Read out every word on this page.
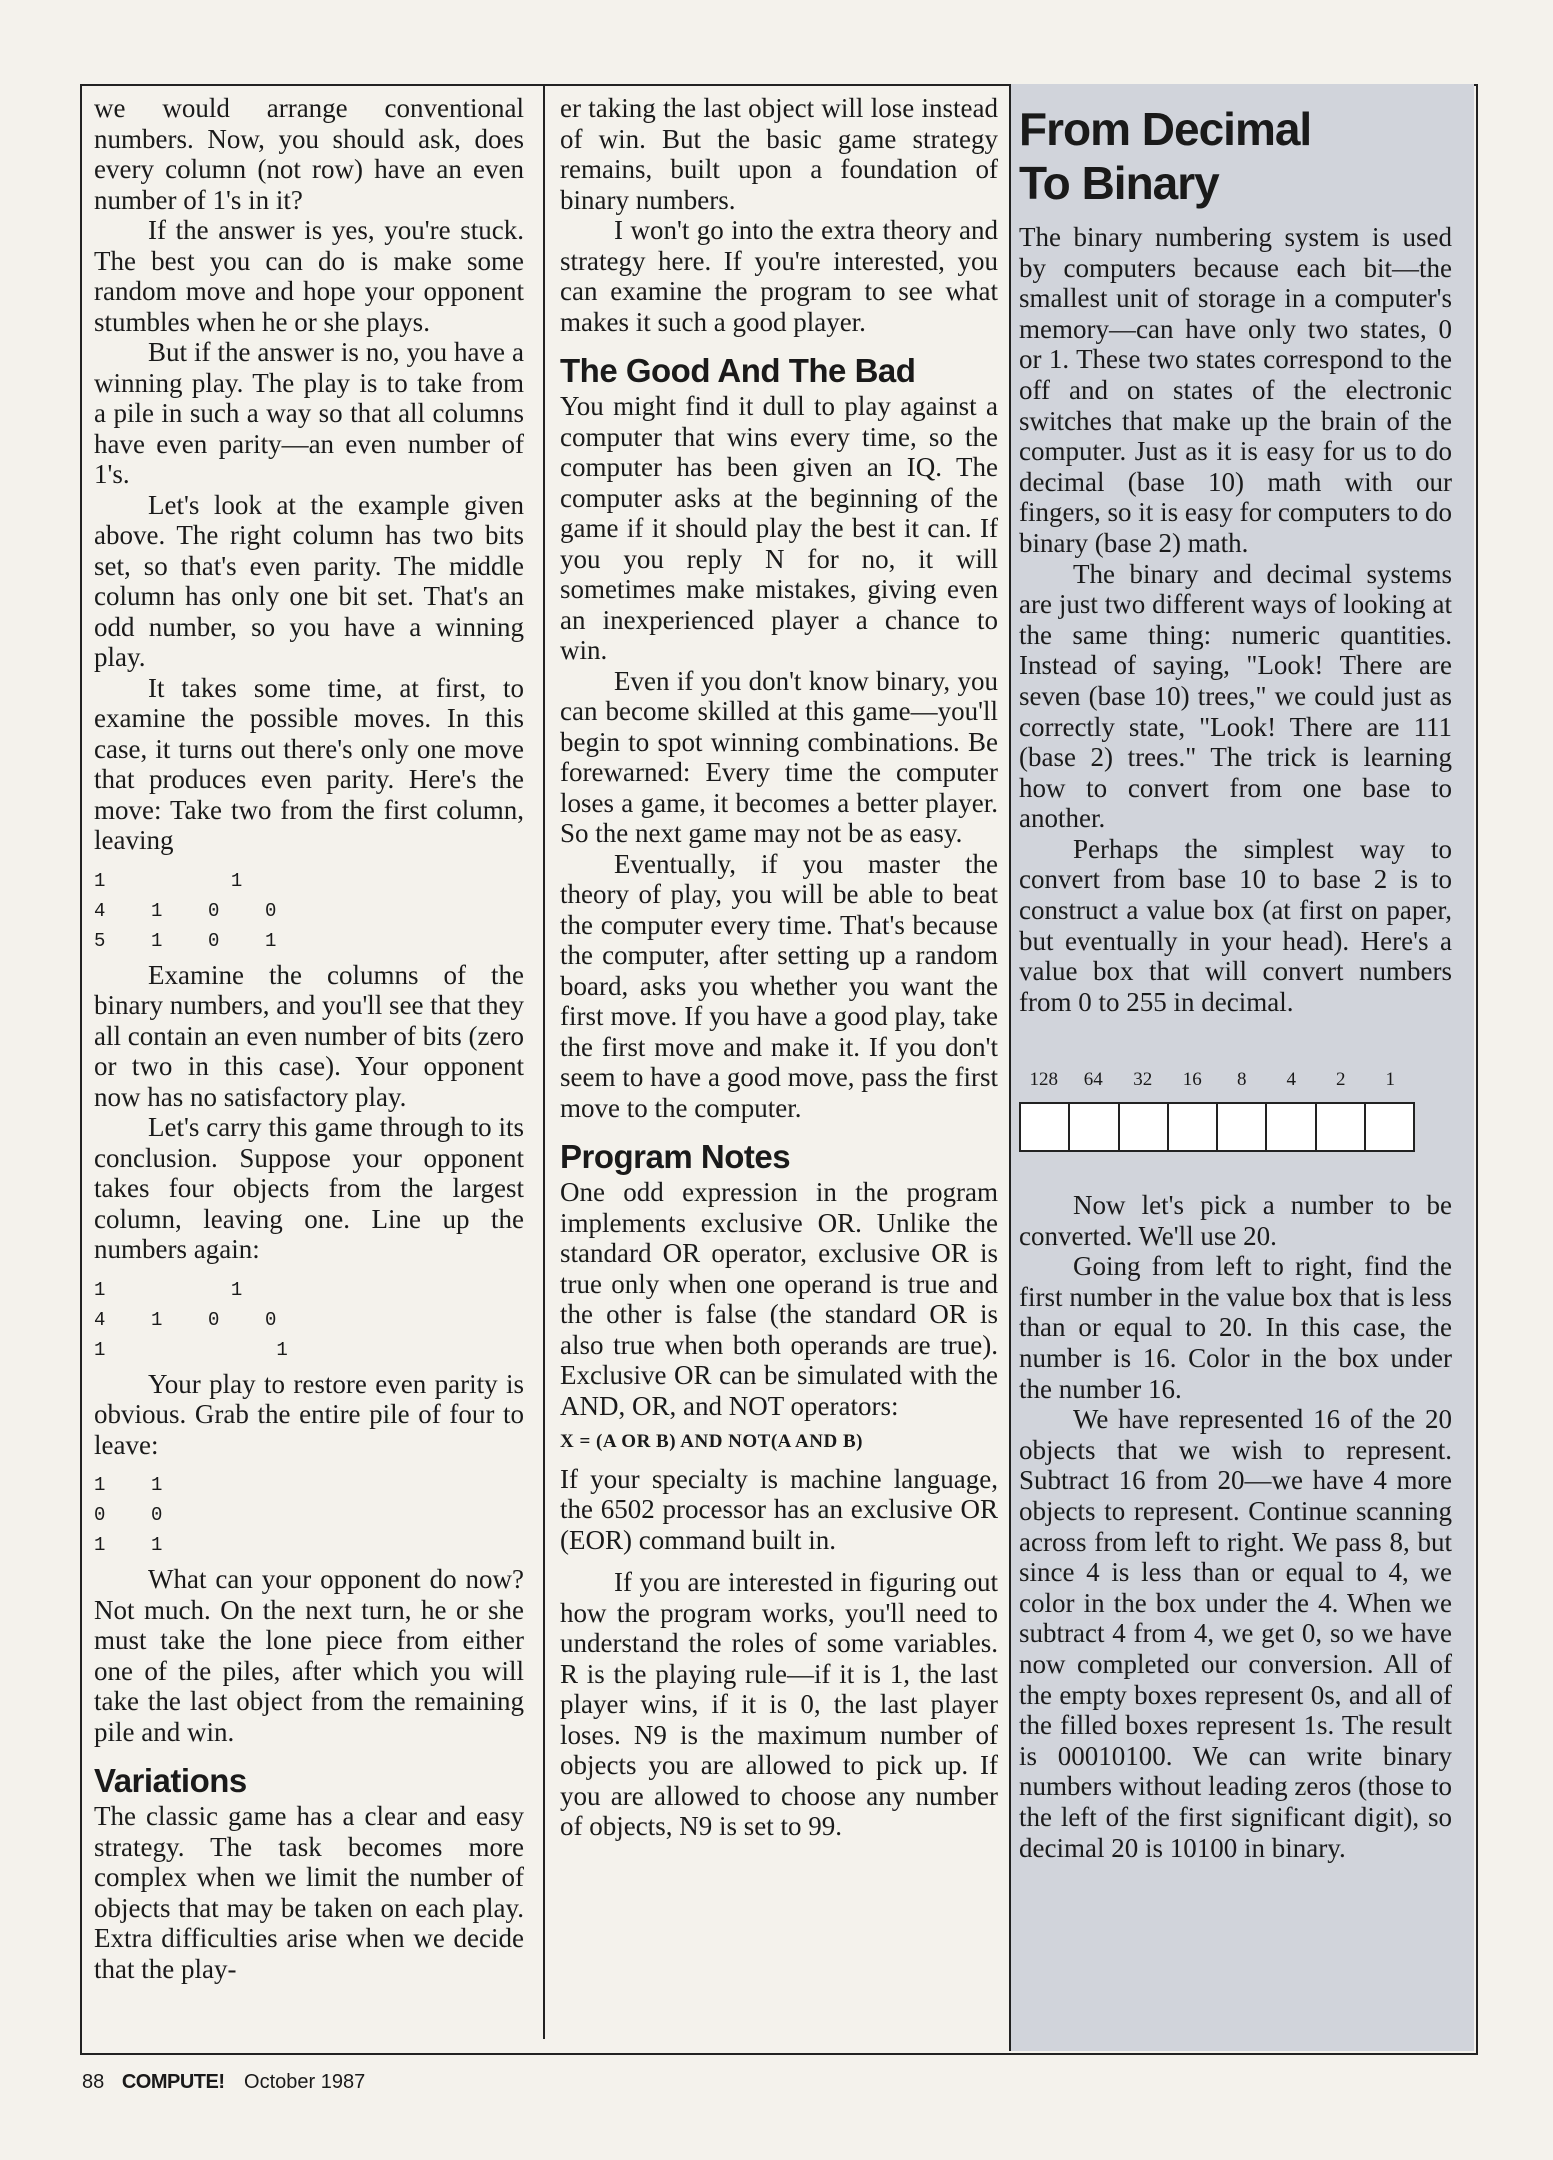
we would arrange conventional numbers. Now, you should ask, does every column (not row) have an even number of 1's in it?

If the answer is yes, you're stuck. The best you can do is make some random move and hope your opponent stumbles when he or she plays.

But if the answer is no, you have a winning play. The play is to take from a pile in such a way so that all columns have even parity—an even number of 1's.

Let's look at the example given above. The right column has two bits set, so that's even parity. The middle column has only one bit set. That's an odd number, so you have a winning play.

It takes some time, at first, to examine the possible moves. In this case, it turns out there's only one move that produces even parity. Here's the move: Take two from the first column, leaving

1           1
4    1    0    0
5    1    0    1

Examine the columns of the binary numbers, and you'll see that they all contain an even number of bits (zero or two in this case). Your opponent now has no satisfactory play.

Let's carry this game through to its conclusion. Suppose your opponent takes four objects from the largest column, leaving one. Line up the numbers again:

1           1
4    1    0    0
1               1

Your play to restore even parity is obvious. Grab the entire pile of four to leave:

1    1
0    0
1    1

What can your opponent do now? Not much. On the next turn, he or she must take the lone piece from either one of the piles, after which you will take the last object from the remaining pile and win.

Variations

The classic game has a clear and easy strategy. The task becomes more complex when we limit the number of objects that may be taken on each play. Extra difficulties arise when we decide that the play-

er taking the last object will lose instead of win. But the basic game strategy remains, built upon a foundation of binary numbers.

I won't go into the extra theory and strategy here. If you're interested, you can examine the program to see what makes it such a good player.

The Good And The Bad

You might find it dull to play against a computer that wins every time, so the computer has been given an IQ. The computer asks at the beginning of the game if it should play the best it can. If you you reply N for no, it will sometimes make mistakes, giving even an inexperienced player a chance to win.

Even if you don't know binary, you can become skilled at this game—you'll begin to spot winning combinations. Be forewarned: Every time the computer loses a game, it becomes a better player. So the next game may not be as easy.

Eventually, if you master the theory of play, you will be able to beat the computer every time. That's because the computer, after setting up a random board, asks you whether you want the first move. If you have a good play, take the first move and make it. If you don't seem to have a good move, pass the first move to the computer.

Program Notes

One odd expression in the program implements exclusive OR. Unlike the standard OR operator, exclusive OR is true only when one operand is true and the other is false (the standard OR is also true when both operands are true). Exclusive OR can be simulated with the AND, OR, and NOT operators:

X = (A OR B) AND NOT(A AND B)

If your specialty is machine language, the 6502 processor has an exclusive OR (EOR) command built in.

If you are interested in figuring out how the program works, you'll need to understand the roles of some variables. R is the playing rule—if it is 1, the last player wins, if it is 0, the last player loses. N9 is the maximum number of objects you are allowed to pick up. If you are allowed to choose any number of objects, N9 is set to 99.

From Decimal
To Binary

The binary numbering system is used by computers because each bit—the smallest unit of storage in a computer's memory—can have only two states, 0 or 1. These two states correspond to the off and on states of the electronic switches that make up the brain of the computer. Just as it is easy for us to do decimal (base 10) math with our fingers, so it is easy for computers to do binary (base 2) math.

The binary and decimal systems are just two different ways of looking at the same thing: numeric quantities. Instead of saying, "Look! There are seven (base 10) trees," we could just as correctly state, "Look! There are 111 (base 2) trees." The trick is learning how to convert from one base to another.

Perhaps the simplest way to convert from base 10 to base 2 is to construct a value box (at first on paper, but eventually in your head). Here's a value box that will convert numbers from 0 to 255 in decimal.

128	64	32	16	8	4	2	1

Now let's pick a number to be converted. We'll use 20.

Going from left to right, find the first number in the value box that is less than or equal to 20. In this case, the number is 16. Color in the box under the number 16.

We have represented 16 of the 20 objects that we wish to represent. Subtract 16 from 20—we have 4 more objects to represent. Continue scanning across from left to right. We pass 8, but since 4 is less than or equal to 4, we color in the box under the 4. When we subtract 4 from 4, we get 0, so we have now completed our conversion. All of the empty boxes represent 0s, and all of the filled boxes represent 1s. The result is 00010100. We can write binary numbers without leading zeros (those to the left of the first significant digit), so decimal 20 is 10100 in binary.

88 COMPUTE! October 1987
